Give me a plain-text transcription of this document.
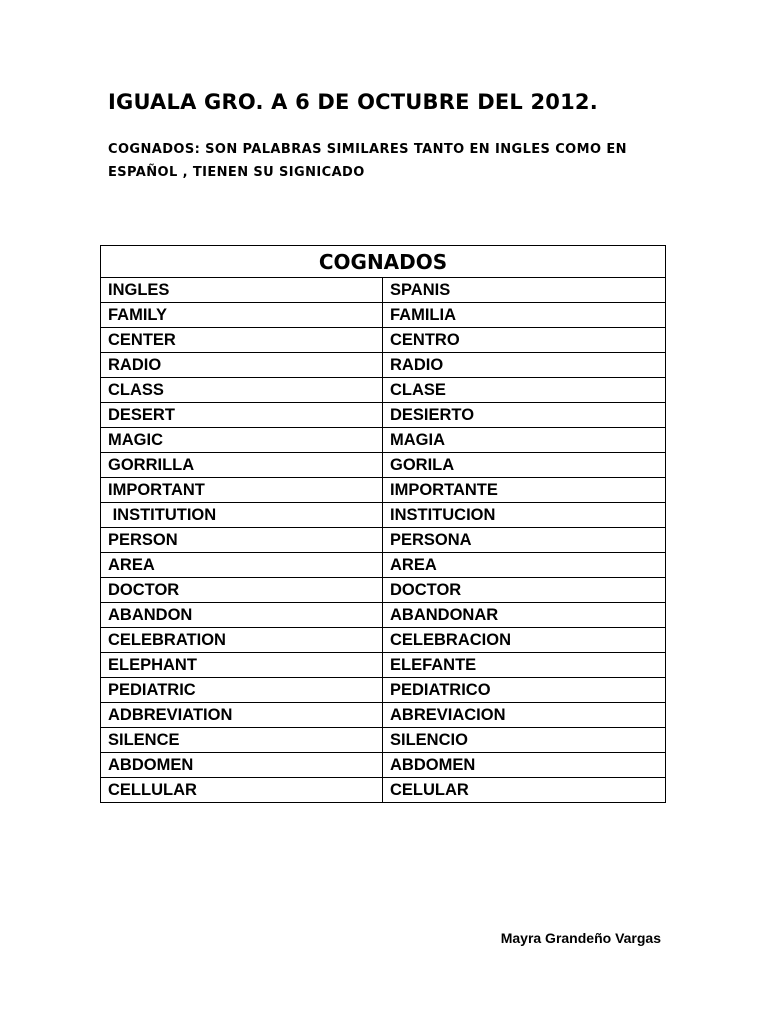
IGUALA GRO. A 6 DE OCTUBRE DEL 2012.
COGNADOS: SON PALABRAS SIMILARES TANTO EN INGLES COMO EN ESPAÑOL , TIENEN SU SIGNICADO
COGNADOS	
INGLES	SPANIS
FAMILY	FAMILIA
CENTER	CENTRO
RADIO	RADIO
CLASS	CLASE
DESERT	DESIERTO
MAGIC	MAGIA
GORRILLA	GORILA
IMPORTANT	IMPORTANTE
INSTITUTION	INSTITUCION
PERSON	PERSONA
AREA	AREA
DOCTOR	DOCTOR
ABANDON	ABANDONAR
CELEBRATION	CELEBRACION
ELEPHANT	ELEFANTE
PEDIATRIC	PEDIATRICO
ADBREVIATION	ABREVIACION
SILENCE	SILENCIO
ABDOMEN	ABDOMEN
CELLULAR	CELULAR
Mayra Grandeño Vargas
